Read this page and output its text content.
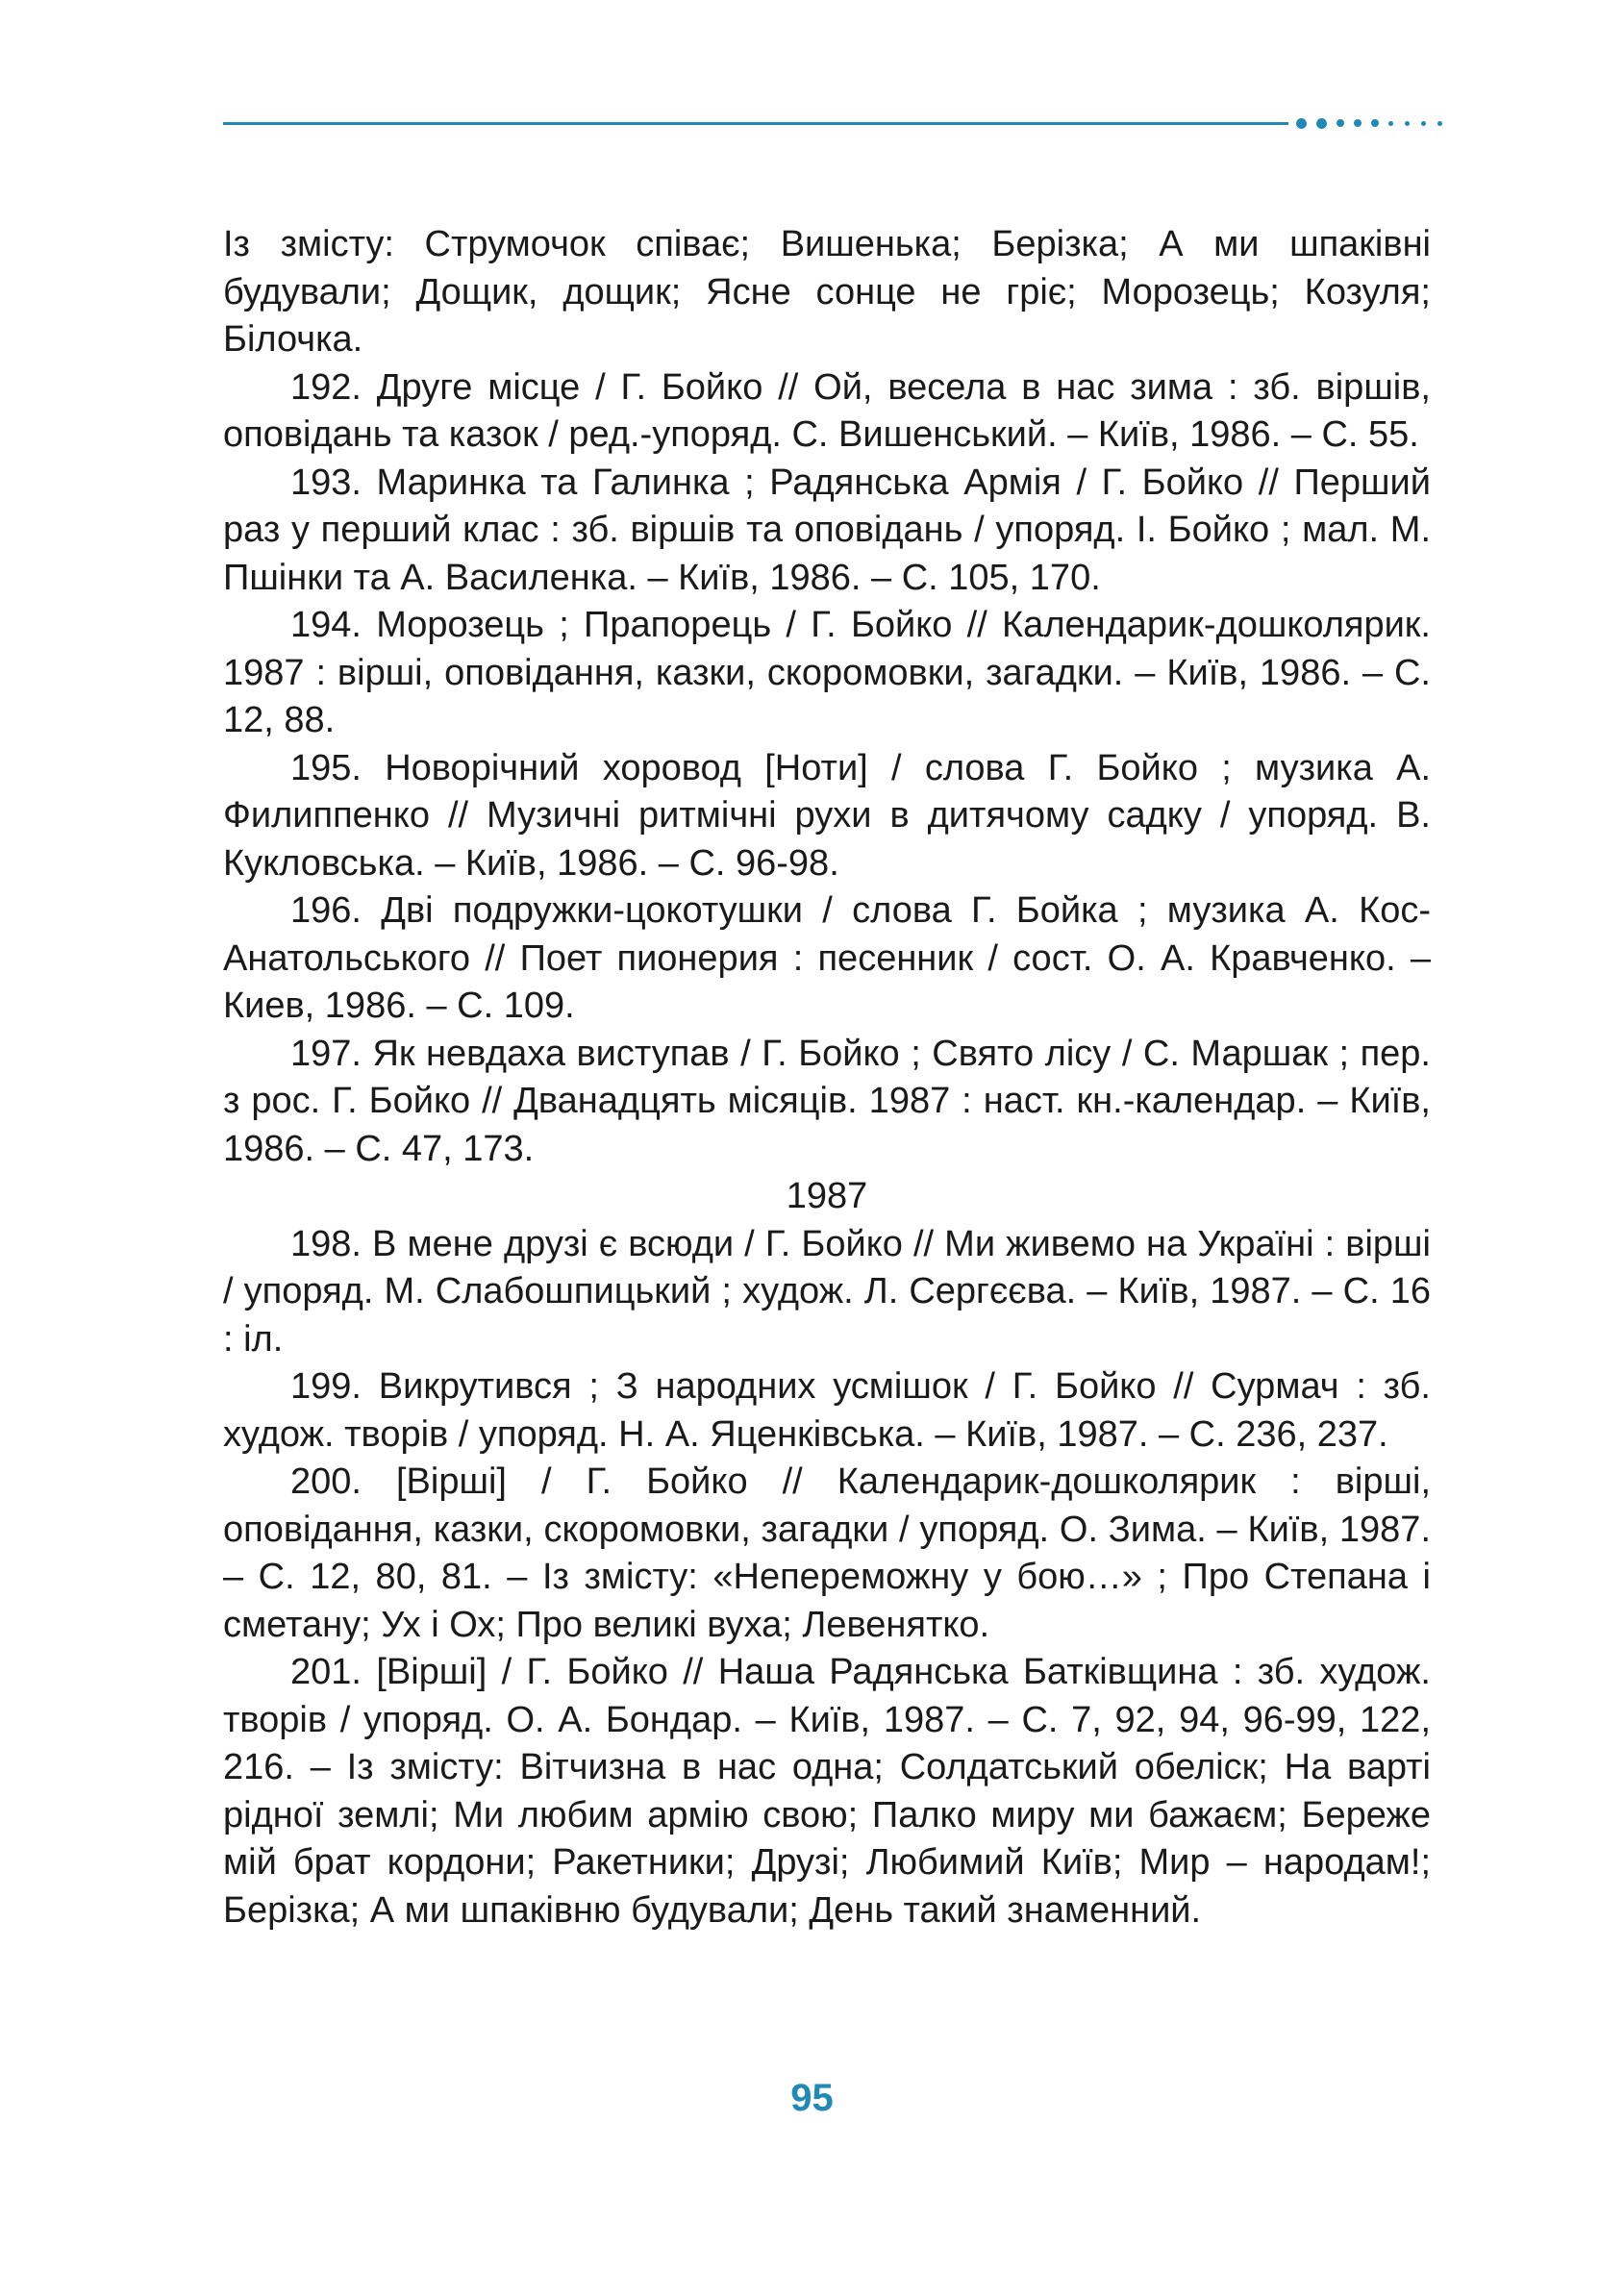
Із змісту: Струмочок співає; Вишенька; Берізка; А ми шпаківні будували; Дощик, дощик; Ясне сонце не гріє; Морозець; Козуля; Білочка.

192. Друге місце / Г. Бойко // Ой, весела в нас зима : зб. віршів, оповідань та казок / ред.-упоряд. С. Вишенський. – Київ, 1986. – С. 55.

193. Маринка та Галинка ; Радянська Армія / Г. Бойко // Перший раз у перший клас : зб. віршів та оповідань / упоряд. І. Бойко ; мал. М. Пшінки та А. Василенка. – Київ, 1986. – С. 105, 170.

194. Морозець ; Прапорець / Г. Бойко // Календарик-дошколярик. 1987 : вірші, оповідання, казки, скоромовки, загадки. – Київ, 1986. – С. 12, 88.

195. Новорічний хоровод [Ноти] / слова Г. Бойко ; музика А. Филиппенко // Музичні ритмічні рухи в дитячому садку / упоряд. В. Кукловська. – Київ, 1986. – С. 96-98.

196. Дві подружки-цокотушки / слова Г. Бойка ; музика А. Кос-Анатольського // Поет пионерия : песенник / сост. О. А. Кравченко. – Киев, 1986. – С. 109.

197. Як невдаха виступав / Г. Бойко ; Свято лісу / С. Маршак ; пер. з рос. Г. Бойко // Дванадцять місяців. 1987 : наст. кн.-календар. – Київ, 1986. – С. 47, 173.

1987

198. В мене друзі є всюди / Г. Бойко // Ми живемо на Україні : вірші / упоряд. М. Слабошпицький ; худож. Л. Сергєєва. – Київ, 1987. – С. 16 : іл.

199. Викрутився ; З народних усмішок / Г. Бойко // Сурмач : зб. худож. творів / упоряд. Н. А. Яценківська. – Київ, 1987. – С. 236, 237.

200. [Вірші] / Г. Бойко // Календарик-дошколярик : вірші, оповідання, казки, скоромовки, загадки / упоряд. О. Зима. – Київ, 1987. – С. 12, 80, 81. – Із змісту: «Непереможну у бою…» ; Про Степана і сметану; Ух і Ох; Про великі вуха; Левенятко.

201. [Вірші] / Г. Бойко // Наша Радянська Батківщина : зб. худож. творів / упоряд. О. А. Бондар. – Київ, 1987. – С. 7, 92, 94, 96-99, 122, 216. – Із змісту: Вітчизна в нас одна; Солдатський обеліск; На варті рідної землі; Ми любим армію свою; Палко миру ми бажаєм; Береже мій брат кордони; Ракетники; Друзі; Любимий Київ; Мир – народам!; Берізка; А ми шпаківню будували; День такий знаменний.

95
